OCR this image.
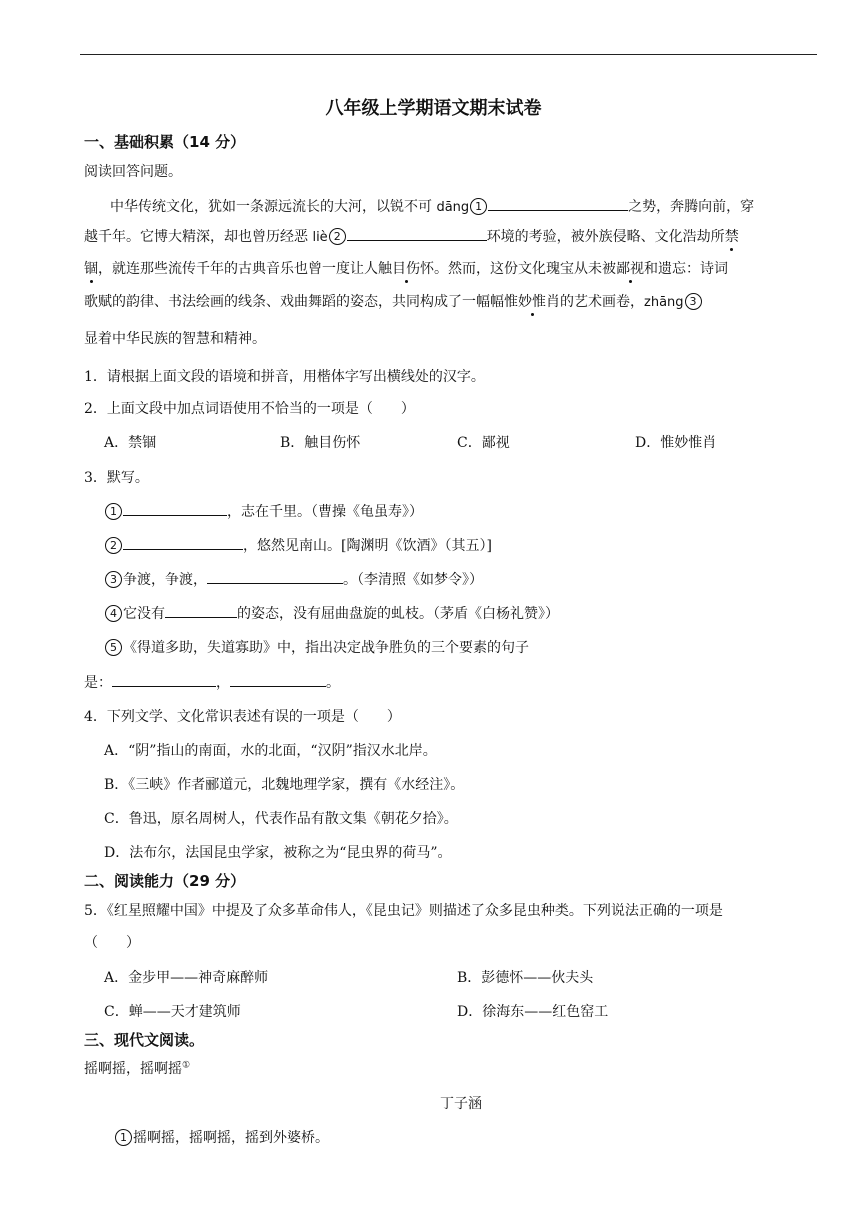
八年级上学期语文期末试卷
一、基础积累（14 分）
阅读回答问题。
中华传统文化，犹如一条源远流长的大河，以锐不可 dāng 1	之势，奔腾向前，穿
越千年。它博大精深，却也曾历经恶 liè 2	环境的考验，被外族侵略、文化浩劫所禁
锢，就连那些流传千年的古典音乐也曾一度让人触目伤怀。然而，这份文化瑰宝从未被鄙视和遗忘：诗词
歌赋的韵律、书法绘画的线条、戏曲舞蹈的姿态，共同构成了一幅幅惟妙惟肖的艺术画卷，zhāng 3
显着中华民族的智慧和精神。
1．请根据上面文段的语境和拼音，用楷体字写出横线处的汉字。
2．上面文段中加点词语使用不恰当的一项是（　　）
A．禁锢	B．触目伤怀	C．鄙视	D．惟妙惟肖
3．默写。
1	，志在千里。（曹操《龟虽寿》）
2	，悠然见南山。[陶渊明《饮酒》（其五）]
3 争渡，争渡，	。（李清照《如梦令》）
4 它没有	的姿态，没有屈曲盘旋的虬枝。（茅盾《白杨礼赞》）
5 《得道多助，失道寡助》中，指出决定战争胜负的三个要素的句子
是：	，	。
4．下列文学、文化常识表述有误的一项是（　　）
A．“阴”指山的南面，水的北面，“汉阴”指汉水北岸。
B．《三峡》作者郦道元，北魏地理学家，撰有《水经注》。
C．鲁迅，原名周树人，代表作品有散文集《朝花夕拾》。
D．法布尔，法国昆虫学家，被称之为“昆虫界的荷马”。
二、阅读能力（29 分）
5．《红星照耀中国》中提及了众多革命伟人，《昆虫记》则描述了众多昆虫种类。下列说法正确的一项是
（　　）
A．金步甲——神奇麻醉师	B．彭德怀——伙夫头
C．蝉——天才建筑师	D．徐海东——红色窑工
三、现代文阅读。
摇啊摇，摇啊摇①
丁子涵
1 摇啊摇，摇啊摇，摇到外婆桥。
